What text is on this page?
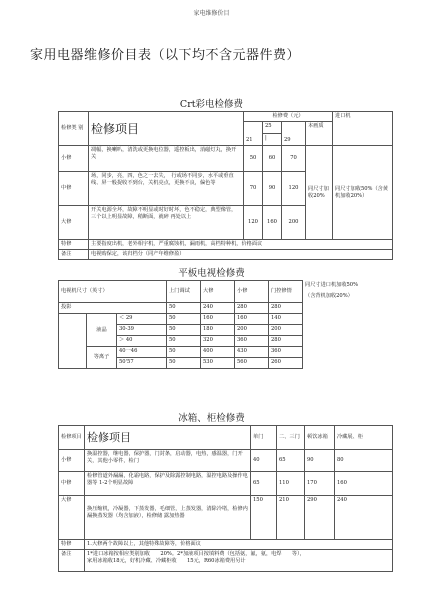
家电维修价目
家用电器维修价目表（以下均不含元器件费）
Crt彩电检修费
检修类 别	检修项目	检修费（元）				进口机
		21	25	29	本画质	
			|			
小修	凋幅，换喇叭，清洗或更换电位器，遥控板出，消磁灯丸，换开关	50	60	70	同尺寸加收20%	同尺寸加收50%（含黄机加收20%）
中修	场，同步，亮，四，色之一去失，　行或场不同步，水平或垂直线、屏一般捉收不到台，关机亮点，更换不良，偏色等	70	90	120		
大修	开关电源全坏，故障不明显或时好时坏，色不稳定，典型像管，三个以上明显故障，稍断面，就碎 再处以上	120	160	200		
特修	主要指度出机，老外相宇机，严重腐蚀机，漏雨机，高档特种机，价格面议					
备注	电视购保定，该归档分（同产年维修盈）					
平板电视检修费
电视机尺寸（英寸）			上门调试	大修	小修	门控修情	同尺寸进口机加收50%
（含背机加收20%）

投影			50	240	280	280	
	液晶	＜ 29	50	160	160	140	
		30-39	50	180	200	200	
		＞ 40	50	320	360	280	
	等离子	40一46	50	400	430	360	
		50'57	50	530	560	260	
冰箱、柜检修费
检修项目	检修项目	单门	二、三门	顿饮冰箱	冷藏展、柜
小修	换温控器，继电器，保护器，门封条，启动器，电热，感温器，门开关，其他小零件，检门	40	65	90	80
中修	检修管道外漏漏，化霜电路，保护及除露控制电路，温控电路及操作电器等 1-2个明显故障	65	110	170	160
大修	换压缩机，冷凝器，下蒸发器，毛细管，上蒸发器，清除冷堵，检修内漏换蒸发器（均含加液），检修储 露加热器	150	210	290	240
特修	1.大修两个故障以上，其他特殊故障等，价格面议				
备注	1*进口冰箱按相应类别加收　　20%。2*加液项目按填料费（包括氨，氟，氨，电焊　　等），
家用冰箱收18元，好机冷藏、冷藏柜收　　15元，R60冰箱费用另计				
